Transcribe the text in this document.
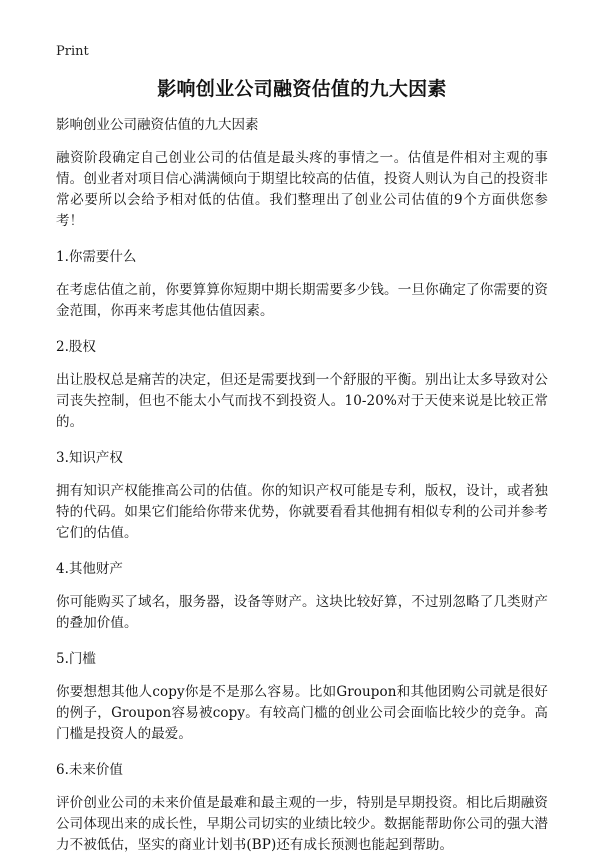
Print
影响创业公司融资估值的九大因素
影响创业公司融资估值的九大因素

融资阶段确定自己创业公司的估值是最头疼的事情之一。估值是件相对主观的事情。创业者对项目信心满满倾向于期望比较高的估值，投资人则认为自己的投资非常必要所以会给予相对低的估值。我们整理出了创业公司估值的9个方面供您参考！

1.你需要什么

在考虑估值之前，你要算算你短期中期长期需要多少钱。一旦你确定了你需要的资金范围，你再来考虑其他估值因素。

2.股权

出让股权总是痛苦的决定，但还是需要找到一个舒服的平衡。别出让太多导致对公司丧失控制，但也不能太小气而找不到投资人。10-20%对于天使来说是比较正常的。

3.知识产权

拥有知识产权能推高公司的估值。你的知识产权可能是专利，版权，设计，或者独特的代码。如果它们能给你带来优势，你就要看看其他拥有相似专利的公司并参考它们的估值。

4.其他财产

你可能购买了域名，服务器，设备等财产。这块比较好算，不过别忽略了几类财产的叠加价值。

5.门槛

你要想想其他人copy你是不是那么容易。比如Groupon和其他团购公司就是很好的例子，Groupon容易被copy。有较高门槛的创业公司会面临比较少的竞争。高门槛是投资人的最爱。

6.未来价值

评价创业公司的未来价值是最难和最主观的一步，特别是早期投资。相比后期融资公司体现出来的成长性，早期公司切实的业绩比较少。数据能帮助你公司的强大潜力不被低估，坚实的商业计划书(BP)还有成长预测也能起到帮助。
